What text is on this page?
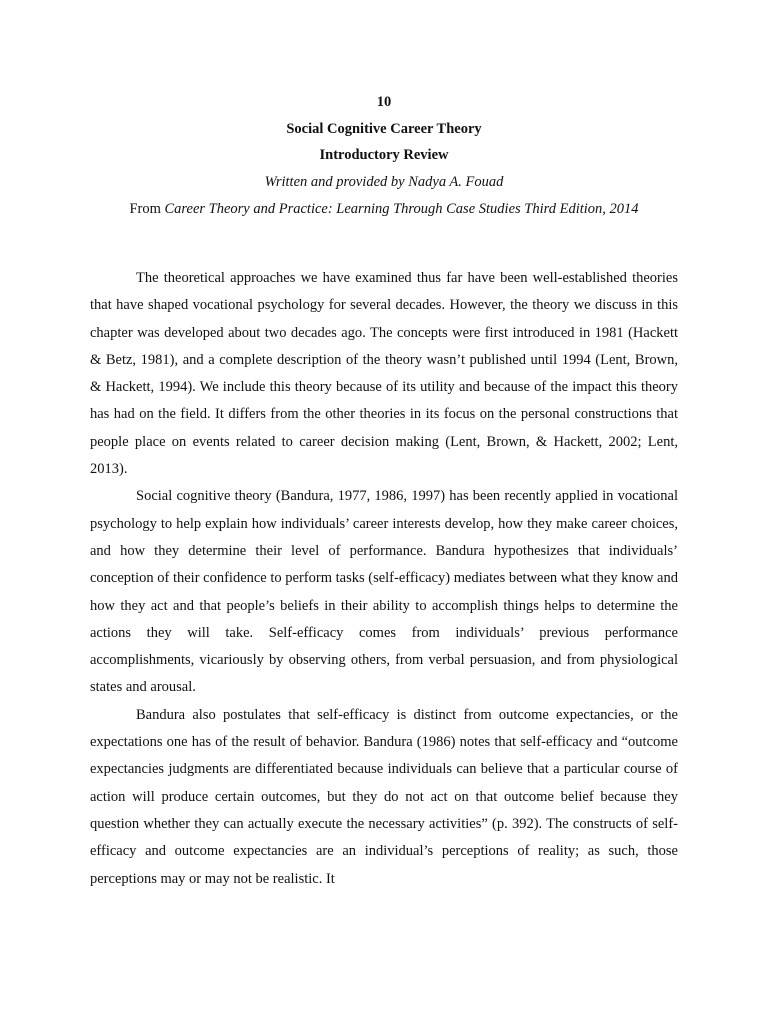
10
Social Cognitive Career Theory
Introductory Review
Written and provided by Nadya A. Fouad
From Career Theory and Practice: Learning Through Case Studies Third Edition, 2014

The theoretical approaches we have examined thus far have been well-established theories that have shaped vocational psychology for several decades. However, the theory we discuss in this chapter was developed about two decades ago. The concepts were first introduced in 1981 (Hackett & Betz, 1981), and a complete description of the theory wasn’t published until 1994 (Lent, Brown, & Hackett, 1994). We include this theory because of its utility and because of the impact this theory has had on the field. It differs from the other theories in its focus on the personal constructions that people place on events related to career decision making (Lent, Brown, & Hackett, 2002; Lent, 2013).

Social cognitive theory (Bandura, 1977, 1986, 1997) has been recently applied in vocational psychology to help explain how individuals’ career interests develop, how they make career choices, and how they determine their level of performance. Bandura hypothesizes that individuals’ conception of their confidence to perform tasks (self-efficacy) mediates between what they know and how they act and that people’s beliefs in their ability to accomplish things helps to determine the actions they will take. Self-efficacy comes from individuals’ previous performance accomplishments, vicariously by observing others, from verbal persuasion, and from physiological states and arousal.

Bandura also postulates that self-efficacy is distinct from outcome expectancies, or the expectations one has of the result of behavior. Bandura (1986) notes that self-efficacy and “outcome expectancies judgments are differentiated because individuals can believe that a particular course of action will produce certain outcomes, but they do not act on that outcome belief because they question whether they can actually execute the necessary activities” (p. 392). The constructs of self-efficacy and outcome expectancies are an individual’s perceptions of reality; as such, those perceptions may or may not be realistic. It
